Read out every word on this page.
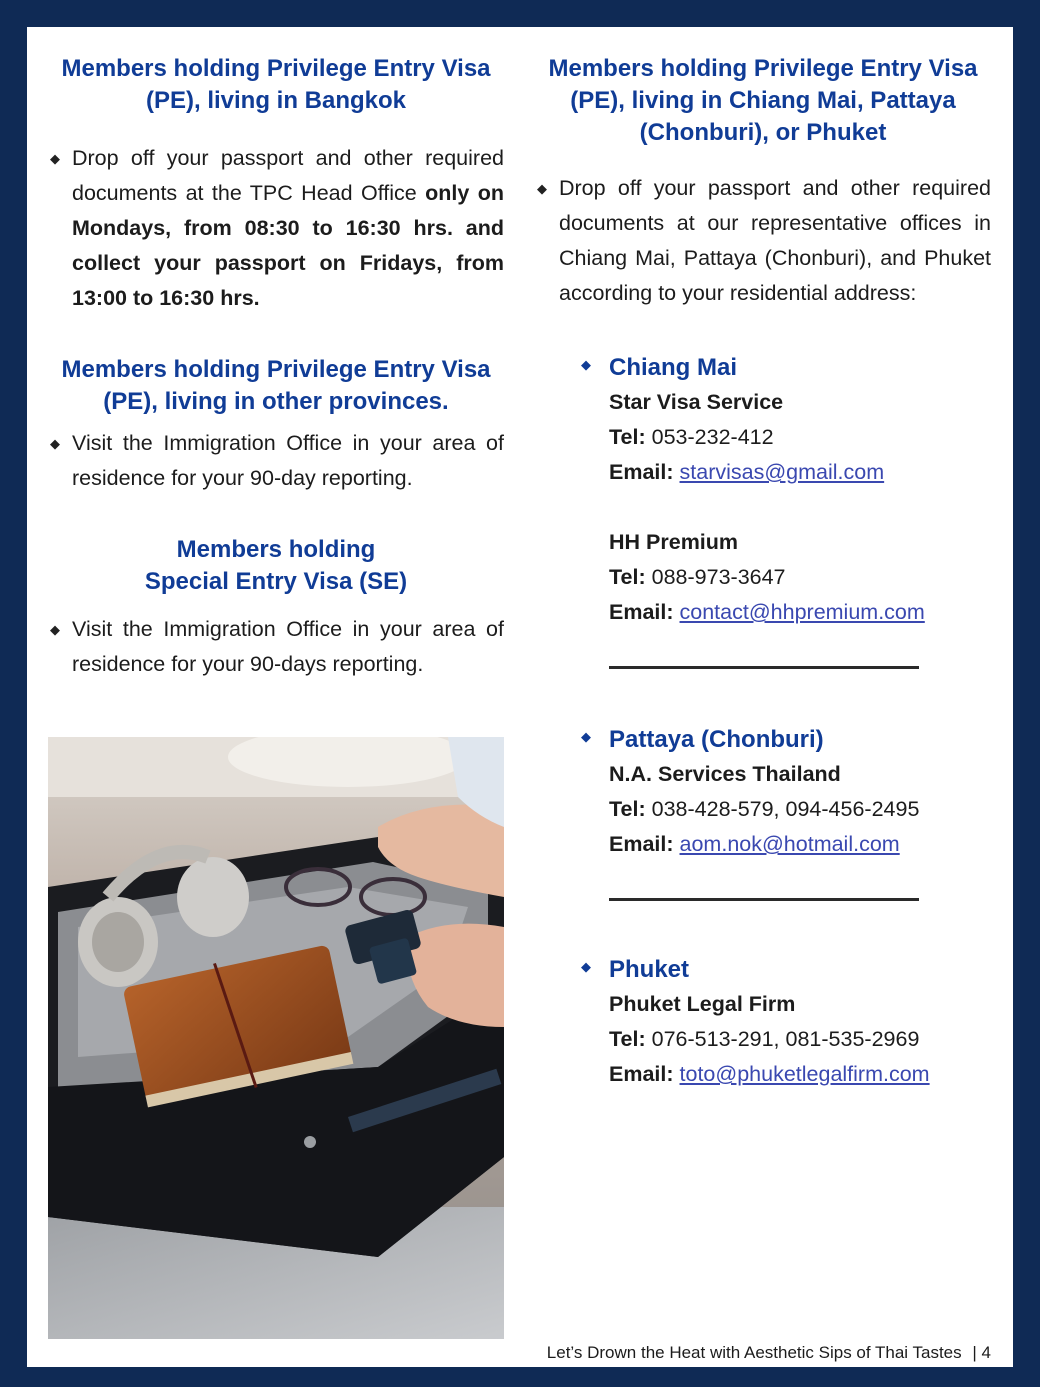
Members holding Privilege Entry Visa (PE), living in Bangkok
◆ Drop off your passport and other required documents at the TPC Head Office only on Mondays, from 08:30 to 16:30 hrs. and collect your passport on Fridays, from 13:00 to 16:30 hrs.
Members holding Privilege Entry Visa (PE), living in other provinces.
◆ Visit the Immigration Office in your area of residence for your 90-day reporting.
Members holding
Special Entry Visa (SE)
◆ Visit the Immigration Office in your area of residence for your 90-days reporting.
Members holding Privilege Entry Visa (PE), living in Chiang Mai, Pattaya (Chonburi), or Phuket
◆ Drop off your passport and other required documents at our representative offices in Chiang Mai, Pattaya (Chonburi), and Phuket according to your residential address:
◆ Chiang Mai
Star Visa Service
Tel: 053-232-412
Email: starvisas@gmail.com
HH Premium
Tel: 088-973-3647
Email: contact@hhpremium.com
◆ Pattaya (Chonburi)
N.A. Services Thailand
Tel: 038-428-579, 094-456-2495
Email: aom.nok@hotmail.com
◆ Phuket
Phuket Legal Firm
Tel: 076-513-291, 081-535-2969
Email: toto@phuketlegalfirm.com
Let’s Drown the Heat with Aesthetic Sips of Thai Tastes | 4
